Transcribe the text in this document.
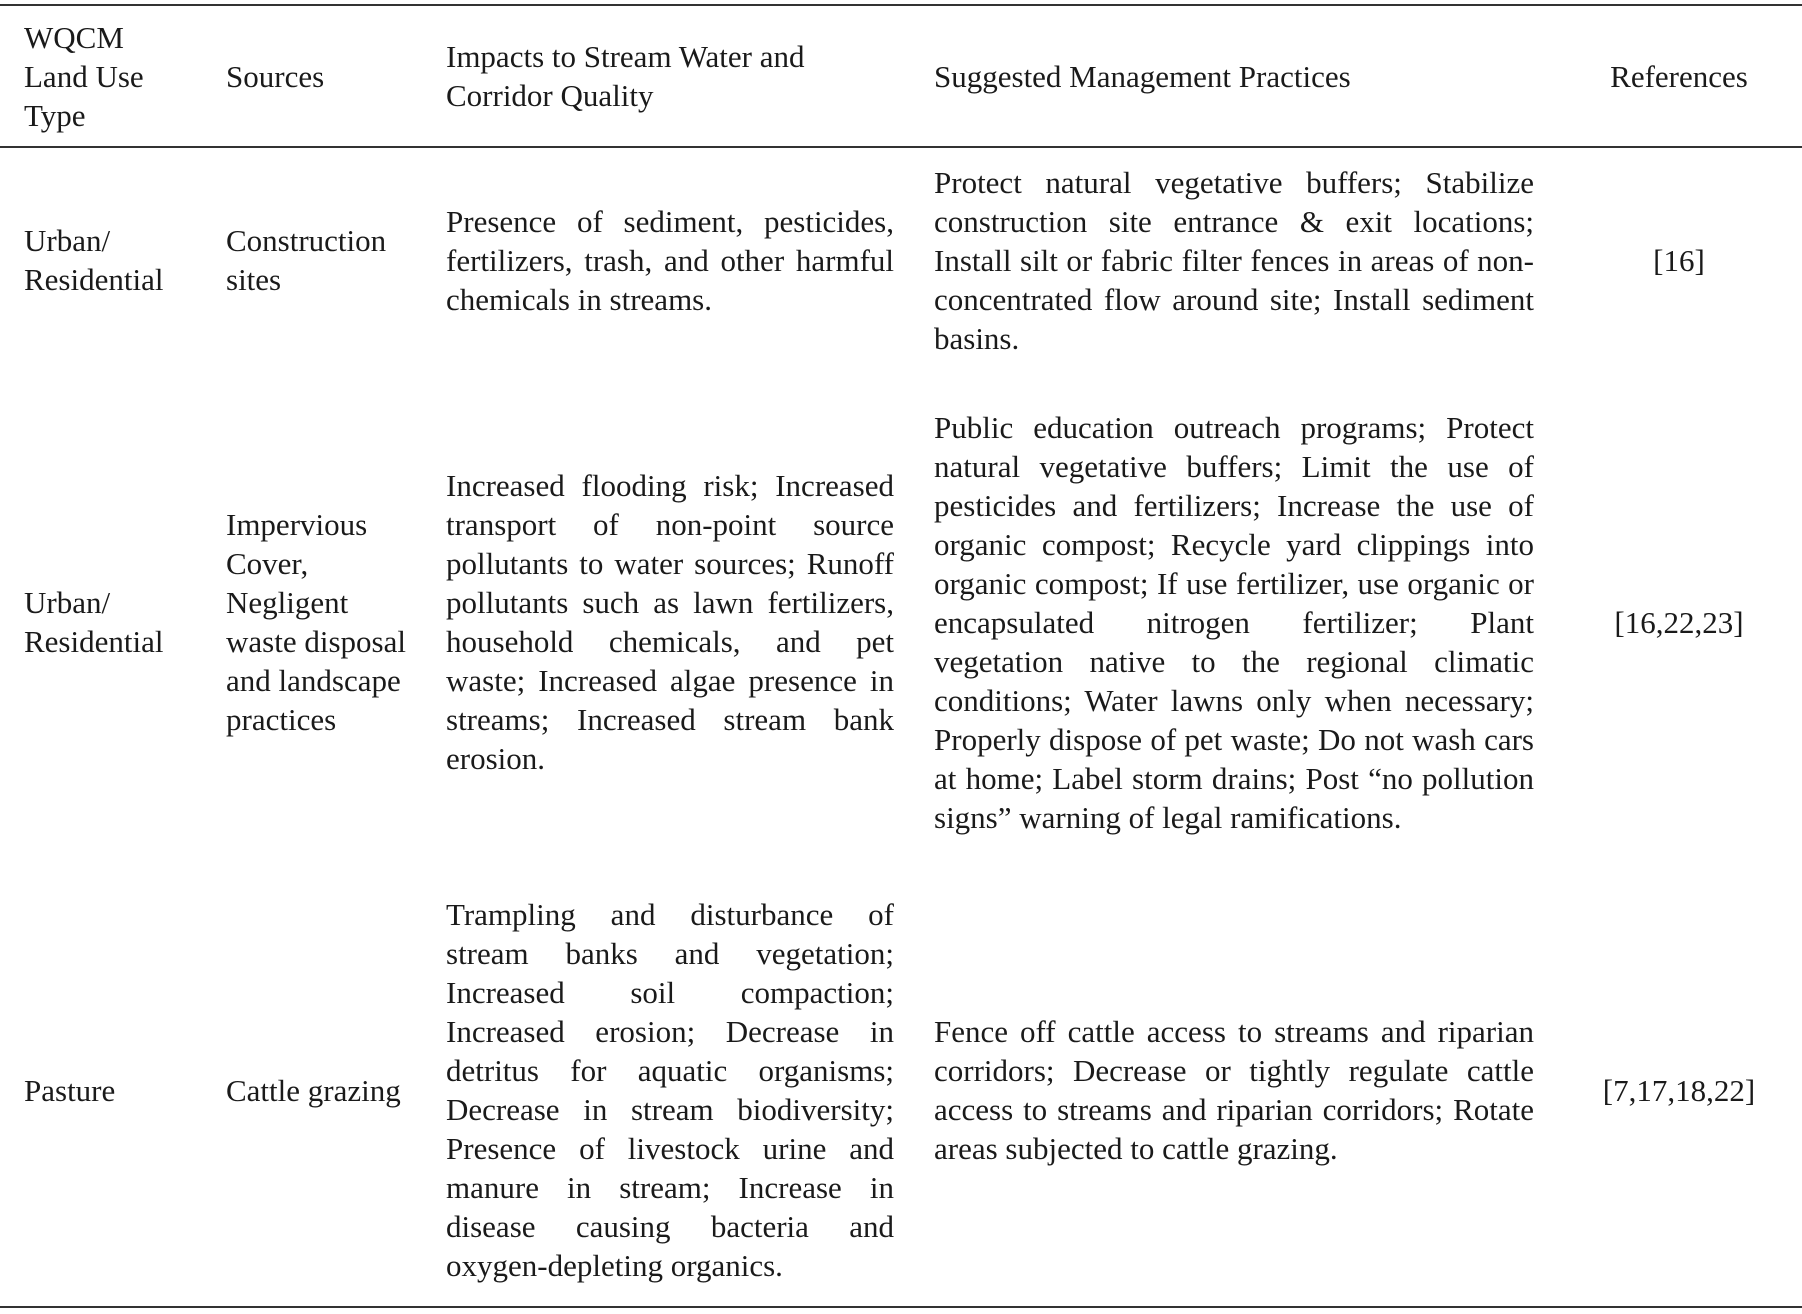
WQCM Land Use Type
Sources
Impacts to Stream Water and Corridor Quality
Suggested Management Practices	References
Urban/ Residential
Construction sites
Presence of sediment, pesticides, fertilizers, trash, and other harmful chemicals in streams.
Protect natural vegetative buffers; Stabilize construction site entrance & exit locations; Install silt or fabric filter fences in areas of non-concentrated flow around site; Install sediment basins.
[16]
Urban/ Residential
Impervious Cover, Negligent waste disposal and landscape practices
Increased flooding risk; Increased transport of non-point source pollutants to water sources; Runoff pollutants such as lawn fertilizers, household chemicals, and pet waste; Increased algae presence in streams; Increased stream bank erosion.
Public education outreach programs; Protect natural vegetative buffers; Limit the use of pesticides and fertilizers; Increase the use of organic compost; Recycle yard clippings into organic compost; If use fertilizer, use organic or encapsulated nitrogen fertilizer; Plant vegetation native to the regional climatic conditions; Water lawns only when necessary; Properly dispose of pet waste; Do not wash cars at home; Label storm drains; Post “no pollution signs” warning of legal ramifications.
[16,22,23]
Pasture	Cattle grazing
Trampling and disturbance of stream banks and vegetation; Increased soil compaction; Increased erosion; Decrease in detritus for aquatic organisms; Decrease in stream biodiversity; Presence of livestock urine and manure in stream; Increase in disease causing bacteria and oxygen-depleting organics.
Fence off cattle access to streams and riparian corridors; Decrease or tightly regulate cattle access to streams and riparian corridors; Rotate areas subjected to cattle grazing.
[7,17,18,22]
